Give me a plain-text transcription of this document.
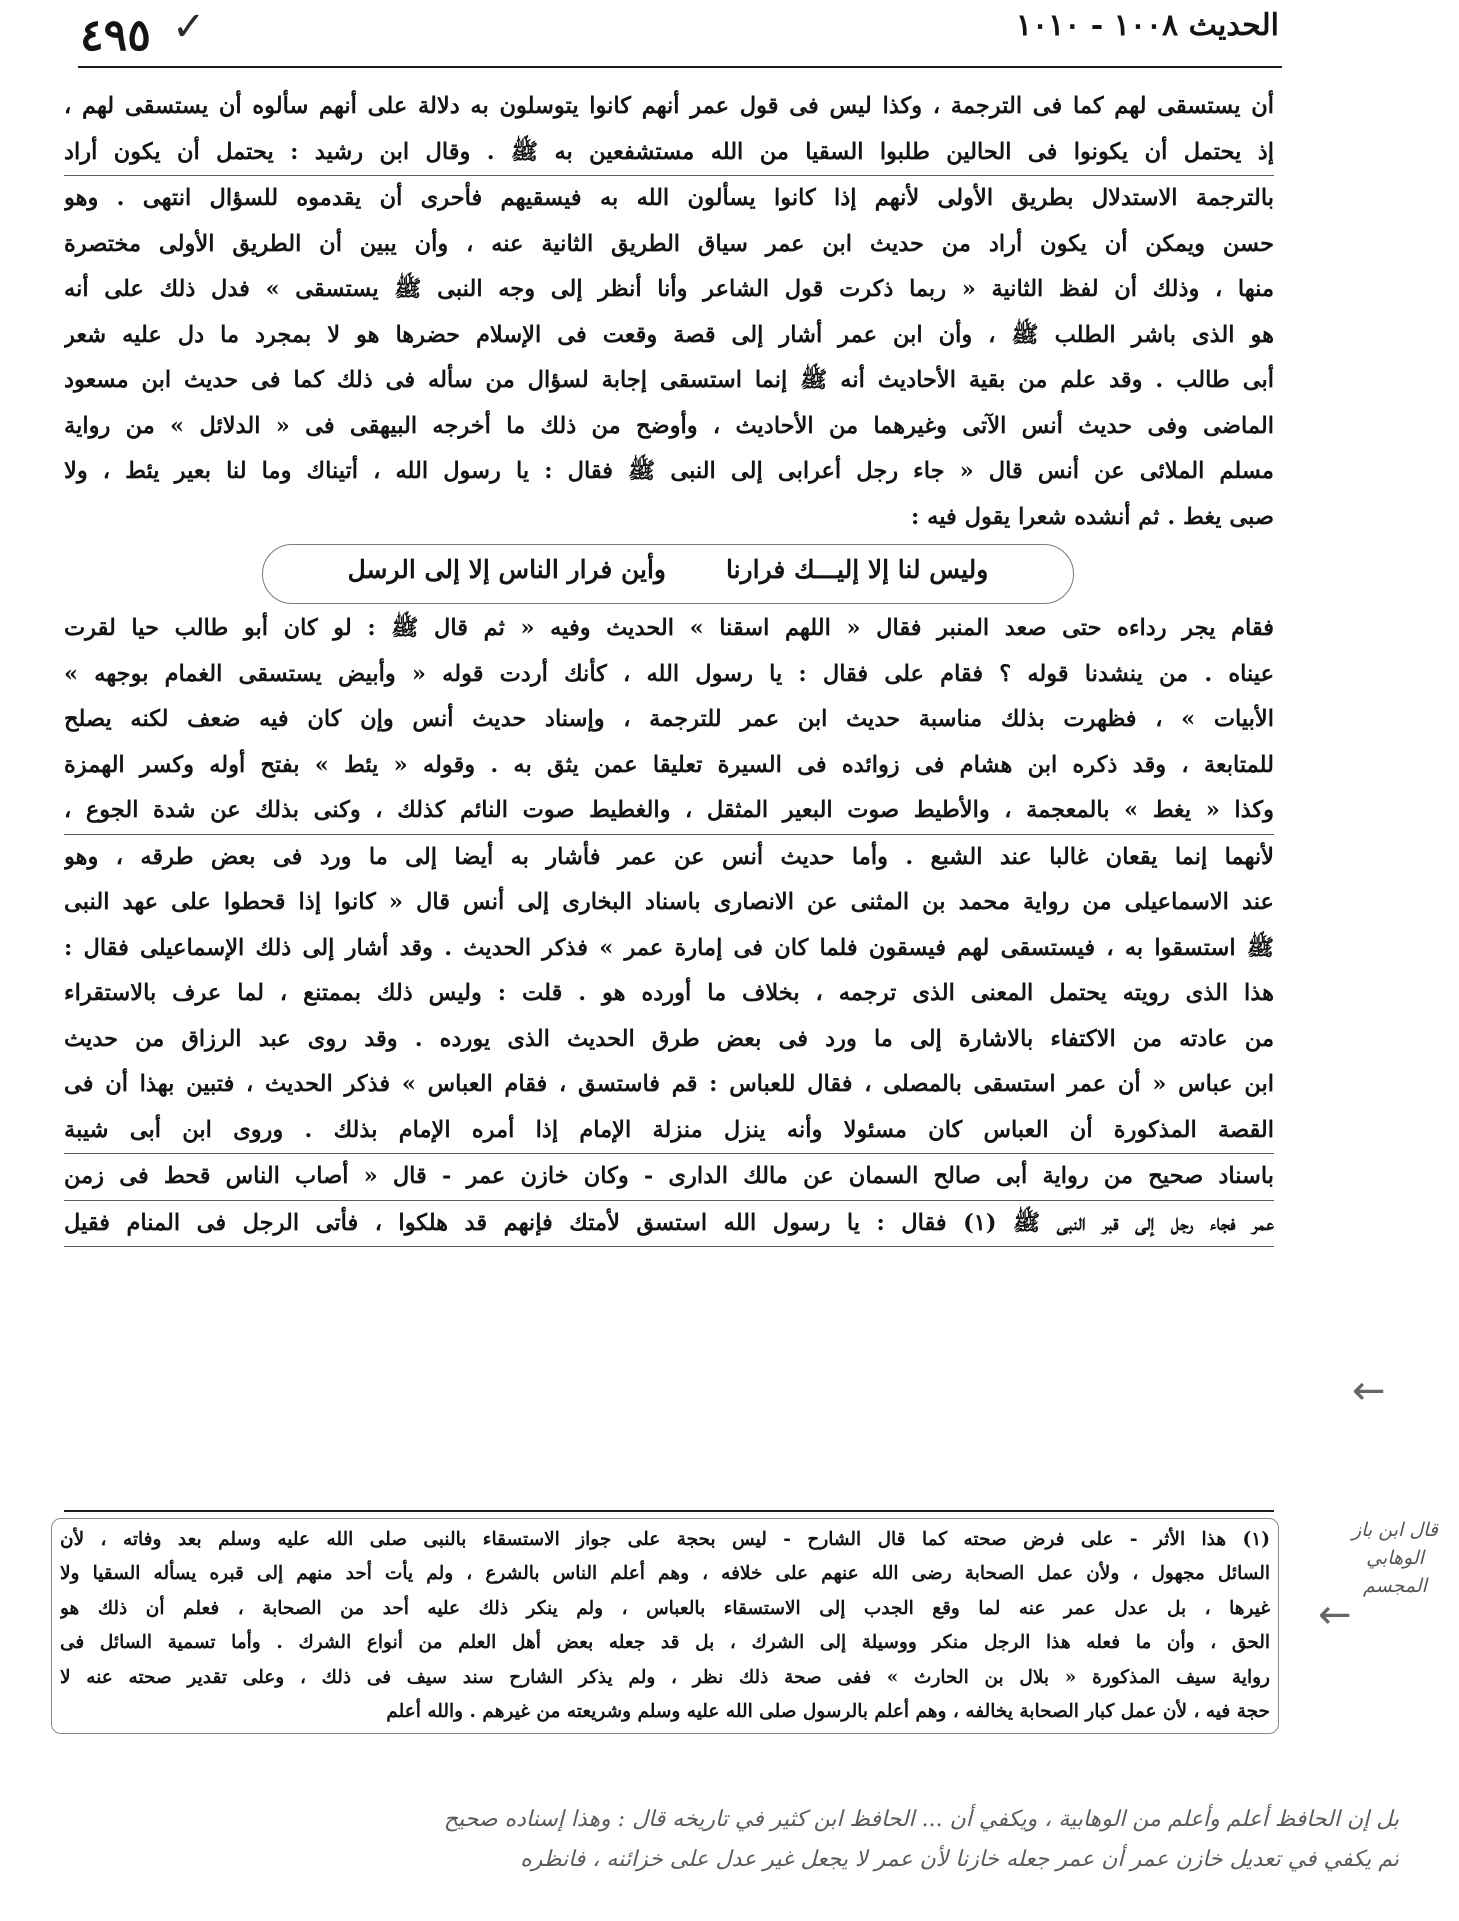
الحديث ١٠٠٨ - ١٠١٠
٤٩٥ ✓
أن يستسقى لهم كما فى الترجمة ، وكذا ليس فى قول عمر أنهم كانوا يتوسلون به دلالة على أنهم سألوه أن يستسقى لهم ،
إذ يحتمل أن يكونوا فى الحالين طلبوا السقيا من الله مستشفعين به ﷺ . وقال ابن رشيد : يحتمل أن يكون أراد
بالترجمة الاستدلال بطريق الأولى لأنهم إذا كانوا يسألون الله به فيسقيهم فأحرى أن يقدموه للسؤال انتهى . وهو
حسن ويمكن أن يكون أراد من حديث ابن عمر سياق الطريق الثانية عنه ، وأن يبين أن الطريق الأولى مختصرة
منها ، وذلك أن لفظ الثانية « ربما ذكرت قول الشاعر وأنا أنظر إلى وجه النبى ﷺ يستسقى » فدل ذلك على أنه
هو الذى باشر الطلب ﷺ ، وأن ابن عمر أشار إلى قصة وقعت فى الإسلام حضرها هو لا بمجرد ما دل عليه شعر
أبى طالب . وقد علم من بقية الأحاديث أنه ﷺ إنما استسقى إجابة لسؤال من سأله فى ذلك كما فى حديث ابن مسعود
الماضى وفى حديث أنس الآتى وغيرهما من الأحاديث ، وأوضح من ذلك ما أخرجه البيهقى فى « الدلائل » من رواية
مسلم الملائى عن أنس قال « جاء رجل أعرابى إلى النبى ﷺ فقال : يا رسول الله ، أتيناك وما لنا بعير يئط ، ولا
صبى يغط . ثم أنشده شعرا يقول فيه :
وليس لنا إلا إليـــك فرارناوأين فرار الناس إلا إلى الرسل
فقام يجر رداءه حتى صعد المنبر فقال « اللهم اسقنا » الحديث وفيه « ثم قال ﷺ : لو كان أبو طالب حيا لقرت
عيناه . من ينشدنا قوله ؟ فقام على فقال : يا رسول الله ، كأنك أردت قوله « وأبيض يستسقى الغمام بوجهه »
الأبيات » ، فظهرت بذلك مناسبة حديث ابن عمر للترجمة ، وإسناد حديث أنس وإن كان فيه ضعف لكنه يصلح
للمتابعة ، وقد ذكره ابن هشام فى زوائده فى السيرة تعليقا عمن يثق به . وقوله « يئط » بفتح أوله وكسر الهمزة
وكذا « يغط » بالمعجمة ، والأطيط صوت البعير المثقل ، والغطيط صوت النائم كذلك ، وكنى بذلك عن شدة الجوع ،
لأنهما إنما يقعان غالبا عند الشبع . وأما حديث أنس عن عمر فأشار به أيضا إلى ما ورد فى بعض طرقه ، وهو
عند الاسماعيلى من رواية محمد بن المثنى عن الانصارى باسناد البخارى إلى أنس قال « كانوا إذا قحطوا على عهد النبى
ﷺ استسقوا به ، فيستسقى لهم فيسقون فلما كان فى إمارة عمر » فذكر الحديث . وقد أشار إلى ذلك الإسماعيلى فقال :
هذا الذى رويته يحتمل المعنى الذى ترجمه ، بخلاف ما أورده هو . قلت : وليس ذلك بممتنع ، لما عرف بالاستقراء
من عادته من الاكتفاء بالاشارة إلى ما ورد فى بعض طرق الحديث الذى يورده . وقد روى عبد الرزاق من حديث
ابن عباس « أن عمر استسقى بالمصلى ، فقال للعباس : قم فاستسق ، فقام العباس » فذكر الحديث ، فتبين بهذا أن فى
القصة المذكورة أن العباس كان مسئولا وأنه ينزل منزلة الإمام إذا أمره الإمام بذلك . وروى ابن أبى شيبة
باسناد صحيح من رواية أبى صالح السمان عن مالك الدارى - وكان خازن عمر - قال « أصاب الناس قحط فى زمن
عمر فجاء رجل إلى قبر النبى ﷺ (١) فقال : يا رسول الله استسق لأمتك فإنهم قد هلكوا ، فأتى الرجل فى المنام فقيل
(١) هذا الأثر - على فرض صحته كما قال الشارح - ليس بحجة على جواز الاستسقاء بالنبى صلى الله عليه وسلم بعد وفاته ، لأن
السائل مجهول ، ولأن عمل الصحابة رضى الله عنهم على خلافه ، وهم أعلم الناس بالشرع ، ولم يأت أحد منهم إلى قبره يسأله السقيا ولا
غيرها ، بل عدل عمر عنه لما وقع الجدب إلى الاستسقاء بالعباس ، ولم ينكر ذلك عليه أحد من الصحابة ، فعلم أن ذلك هو
الحق ، وأن ما فعله هذا الرجل منكر ووسيلة إلى الشرك ، بل قد جعله بعض أهل العلم من أنواع الشرك . وأما تسمية السائل فى
رواية سيف المذكورة « بلال بن الحارث » ففى صحة ذلك نظر ، ولم يذكر الشارح سند سيف فى ذلك ، وعلى تقدير صحته عنه لا
حجة فيه ، لأن عمل كبار الصحابة يخالفه ، وهم أعلم بالرسول صلى الله عليه وسلم وشريعته من غيرهم . والله أعلم
قال ابن باز الوهابي المجسم
←
←
بل إن الحافظ أعلم وأعلم من الوهابية ، ويكفي أن ... الحافظ ابن كثير في تاريخه قال : وهذا إسناده صحيح
ثم يكفي في تعديل خازن عمر أن عمر جعله خازنا لأن عمر لا يجعل غير عدل على خزائنه ، فانظره
